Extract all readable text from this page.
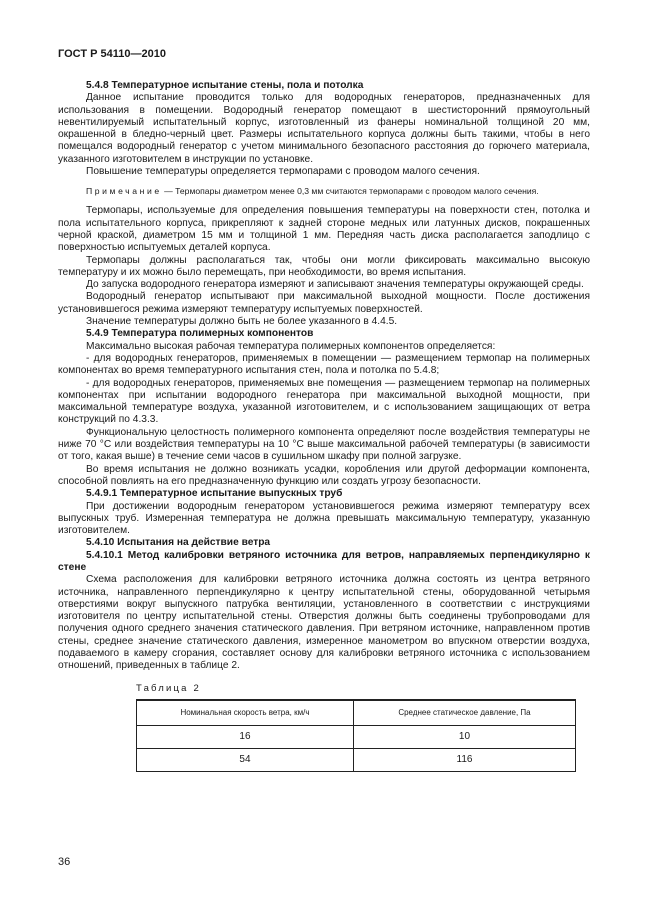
ГОСТ Р 54110—2010

5.4.8 Температурное испытание стены, пола и потолка

Данное испытание проводится только для водородных генераторов, предназначенных для использования в помещении. Водородный генератор помещают в шестисторонний прямоугольный невентилируемый испытательный корпус, изготовленный из фанеры номинальной толщиной 20 мм, окрашенной в бледно-черный цвет. Размеры испытательного корпуса должны быть такими, чтобы в него помещался водородный генератор с учетом минимального безопасного расстояния до горючего материала, указанного изготовителем в инструкции по установке.

Повышение температуры определяется термопарами с проводом малого сечения.

Примечание — Термопары диаметром менее 0,3 мм считаются термопарами с проводом малого сечения.

Термопары, используемые для определения повышения температуры на поверхности стен, потолка и пола испытательного корпуса, прикрепляют к задней стороне медных или латунных дисков, покрашенных черной краской, диаметром 15 мм и толщиной 1 мм. Передняя часть диска располагается заподлицо с поверхностью испытуемых деталей корпуса.

Термопары должны располагаться так, чтобы они могли фиксировать максимально высокую температуру и их можно было перемещать, при необходимости, во время испытания.

До запуска водородного генератора измеряют и записывают значения температуры окружающей среды.

Водородный генератор испытывают при максимальной выходной мощности. После достижения установившегося режима измеряют температуру испытуемых поверхностей.

Значение температуры должно быть не более указанного в 4.4.5.

5.4.9 Температура полимерных компонентов

Максимально высокая рабочая температура полимерных компонентов определяется:

- для водородных генераторов, применяемых в помещении — размещением термопар на полимерных компонентах во время температурного испытания стен, пола и потолка по 5.4.8;

- для водородных генераторов, применяемых вне помещения — размещением термопар на полимерных компонентах при испытании водородного генератора при максимальной выходной мощности, при максимальной температуре воздуха, указанной изготовителем, и с использованием защищающих от ветра конструкций по 4.3.3.

Функциональную целостность полимерного компонента определяют после воздействия температуры не ниже 70 °С или воздействия температуры на 10 °С выше максимальной рабочей температуры (в зависимости от того, какая выше) в течение семи часов в сушильном шкафу при полной загрузке.

Во время испытания не должно возникать усадки, коробления или другой деформации компонента, способной повлиять на его предназначенную функцию или создать угрозу безопасности.

5.4.9.1 Температурное испытание выпускных труб

При достижении водородным генератором установившегося режима измеряют температуру всех выпускных труб. Измеренная температура не должна превышать максимальную температуру, указанную изготовителем.

5.4.10 Испытания на действие ветра

5.4.10.1 Метод калибровки ветряного источника для ветров, направляемых перпендикулярно к стене

Схема расположения для калибровки ветряного источника должна состоять из центра ветряного источника, направленного перпендикулярно к центру испытательной стены, оборудованной четырьмя отверстиями вокруг выпускного патрубка вентиляции, установленного в соответствии с инструкциями изготовителя по центру испытательной стены. Отверстия должны быть соединены трубопроводами для получения одного среднего значения статического давления. При ветряном источнике, направленном против стены, среднее значение статического давления, измеренное манометром во впускном отверстии воздуха, подаваемого в камеру сгорания, составляет основу для калибровки ветряного источника с использованием отношений, приведенных в таблице 2.

Таблица 2
Номинальная скорость ветра, км/ч	Среднее статическое давление, Па
16	10
54	116
36
